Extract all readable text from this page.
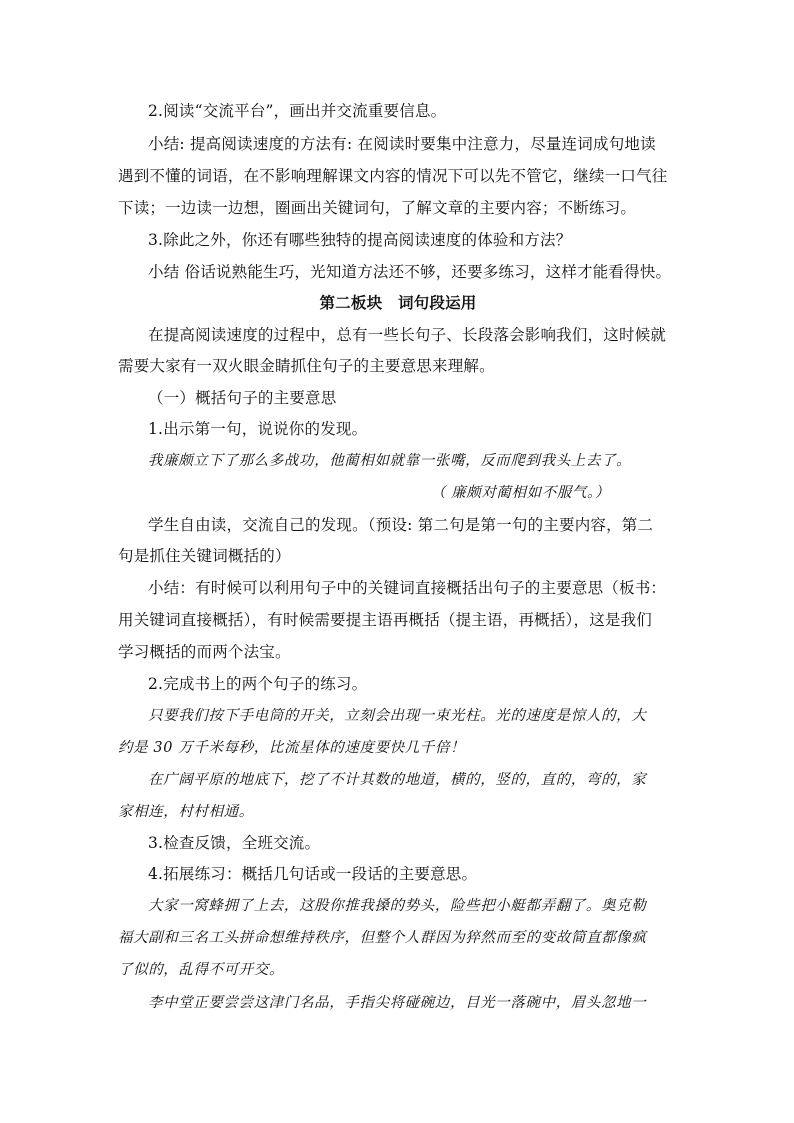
2.阅读“交流平台”，画出并交流重要信息。
小结: 提高阅读速度的方法有: 在阅读时要集中注意力，尽量连词成句地读
遇到不懂的词语，在不影响理解课文内容的情况下可以先不管它，继续一口气往
下读；一边读一边想，圈画出关键词句，了解文章的主要内容；不断练习。
3.除此之外，你还有哪些独特的提高阅读速度的体验和方法？
小结 俗话说熟能生巧，光知道方法还不够，还要多练习，这样才能看得快。
第二板块　词句段运用
在提高阅读速度的过程中，总有一些长句子、长段落会影响我们，这时候就
需要大家有一双火眼金睛抓住句子的主要意思来理解。
（一）概括句子的主要意思
1.出示第一句，说说你的发现。
我廉颇立下了那么多战功，他蔺相如就靠一张嘴，反而爬到我头上去了。
（ 廉颇对蔺相如不服气。）
学生自由读，交流自己的发现。（预设: 第二句是第一句的主要内容，第二
句是抓住关键词概括的）
小结：有时候可以利用句子中的关键词直接概括出句子的主要意思（板书：
用关键词直接概括），有时候需要提主语再概括（提主语，再概括），这是我们
学习概括的而两个法宝。
2.完成书上的两个句子的练习。
只要我们按下手电筒的开关，立刻会出现一束光柱。光的速度是惊人的，大
约是 30 万千米每秒，比流星体的速度要快几千倍！
在广阔平原的地底下，挖了不计其数的地道，横的，竖的，直的，弯的，家
家相连，村村相通。
3.检查反馈，全班交流。
4.拓展练习：概括几句话或一段话的主要意思。
大家一窝蜂拥了上去，这股你推我搡的势头，险些把小艇都弄翻了。奥克勒
福大副和三名工头拼命想维持秩序，但整个人群因为猝然而至的变故简直都像疯
了似的，乱得不可开交。
李中堂正要尝尝这津门名品，手指尖将碰碗边，目光一落碗中，眉头忽地一
